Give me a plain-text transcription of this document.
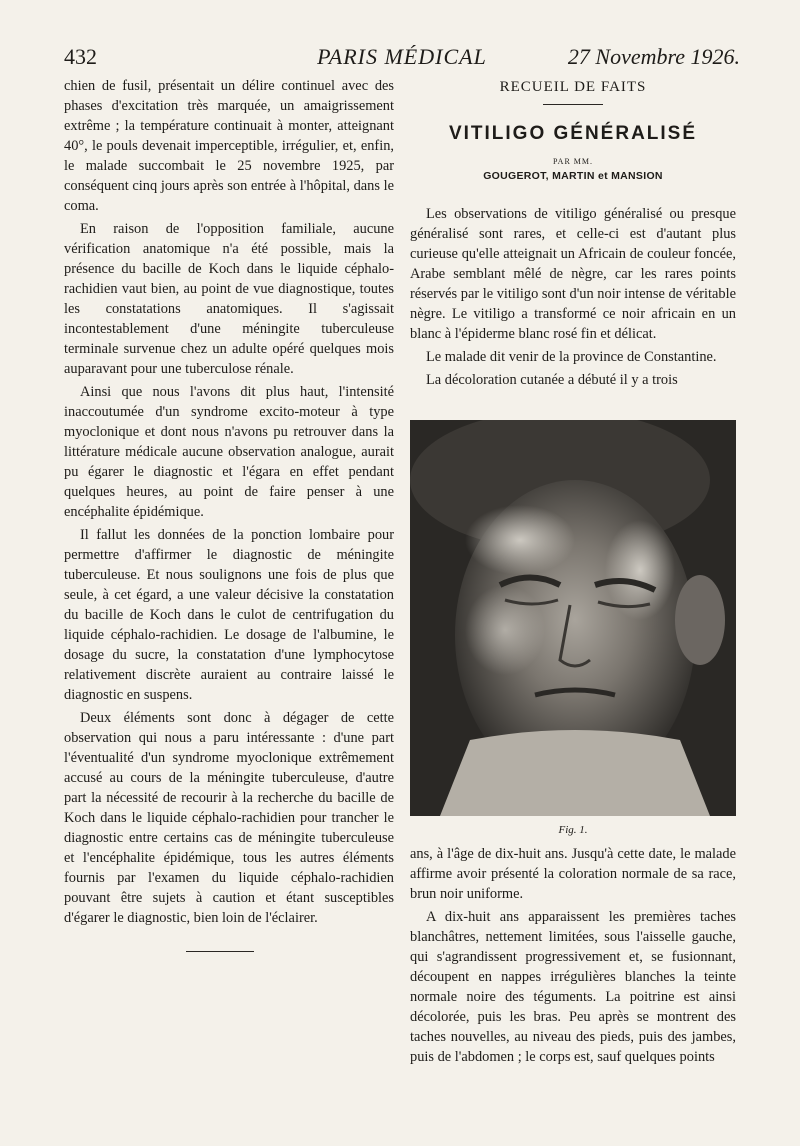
432	PARIS MÉDICAL	27 Novembre 1926.

chien de fusil, présentait un délire continuel avec des phases d'excitation très marquée, un amaigrissement extrême ; la température continuait à monter, atteignant 40°, le pouls devenait imperceptible, irrégulier, et, enfin, le malade succombait le 25 novembre 1925, par conséquent cinq jours après son entrée à l'hôpital, dans le coma.

En raison de l'opposition familiale, aucune vérification anatomique n'a été possible, mais la présence du bacille de Koch dans le liquide céphalo-rachidien vaut bien, au point de vue diagnostique, toutes les constatations anatomiques. Il s'agissait incontestablement d'une méningite tuberculeuse terminale survenue chez un adulte opéré quelques mois auparavant pour une tuberculose rénale.

Ainsi que nous l'avons dit plus haut, l'intensité inaccoutumée d'un syndrome excito-moteur à type myoclonique et dont nous n'avons pu retrouver dans la littérature médicale aucune observation analogue, aurait pu égarer le diagnostic et l'égara en effet pendant quelques heures, au point de faire penser à une encéphalite épidémique.

Il fallut les données de la ponction lombaire pour permettre d'affirmer le diagnostic de méningite tuberculeuse. Et nous soulignons une fois de plus que seule, à cet égard, a une valeur décisive la constatation du bacille de Koch dans le culot de centrifugation du liquide céphalo-rachidien. Le dosage de l'albumine, le dosage du sucre, la constatation d'une lymphocytose relativement discrète auraient au contraire laissé le diagnostic en suspens.

Deux éléments sont donc à dégager de cette observation qui nous a paru intéressante : d'une part l'éventualité d'un syndrome myoclonique extrêmement accusé au cours de la méningite tuberculeuse, d'autre part la nécessité de recourir à la recherche du bacille de Koch dans le liquide céphalo-rachidien pour trancher le diagnostic entre certains cas de méningite tuberculeuse et l'encéphalite épidémique, tous les autres éléments fournis par l'examen du liquide céphalo-rachidien pouvant être sujets à caution et étant susceptibles d'égarer le diagnostic, bien loin de l'éclairer.

RECUEIL DE FAITS
VITILIGO GÉNÉRALISÉ
PAR MM.
GOUGEROT, MARTIN et MANSION

Les observations de vitiligo généralisé ou presque généralisé sont rares, et celle-ci est d'autant plus curieuse qu'elle atteignait un Africain de couleur foncée, Arabe semblant mêlé de nègre, car les rares points réservés par le vitiligo sont d'un noir intense de véritable nègre. Le vitiligo a transformé ce noir africain en un blanc à l'épiderme blanc rosé fin et délicat.

Le malade dit venir de la province de Constantine.

La décoloration cutanée a débuté il y a trois

Fig. 1.

ans, à l'âge de dix-huit ans. Jusqu'à cette date, le malade affirme avoir présenté la coloration normale de sa race, brun noir uniforme.

A dix-huit ans apparaissent les premières taches blanchâtres, nettement limitées, sous l'aisselle gauche, qui s'agrandissent progressivement et, se fusionnant, découpent en nappes irrégulières blanches la teinte normale noire des téguments. La poitrine est ainsi décolorée, puis les bras. Peu après se montrent des taches nouvelles, au niveau des pieds, puis des jambes, puis de l'abdomen ; le corps est, sauf quelques points
